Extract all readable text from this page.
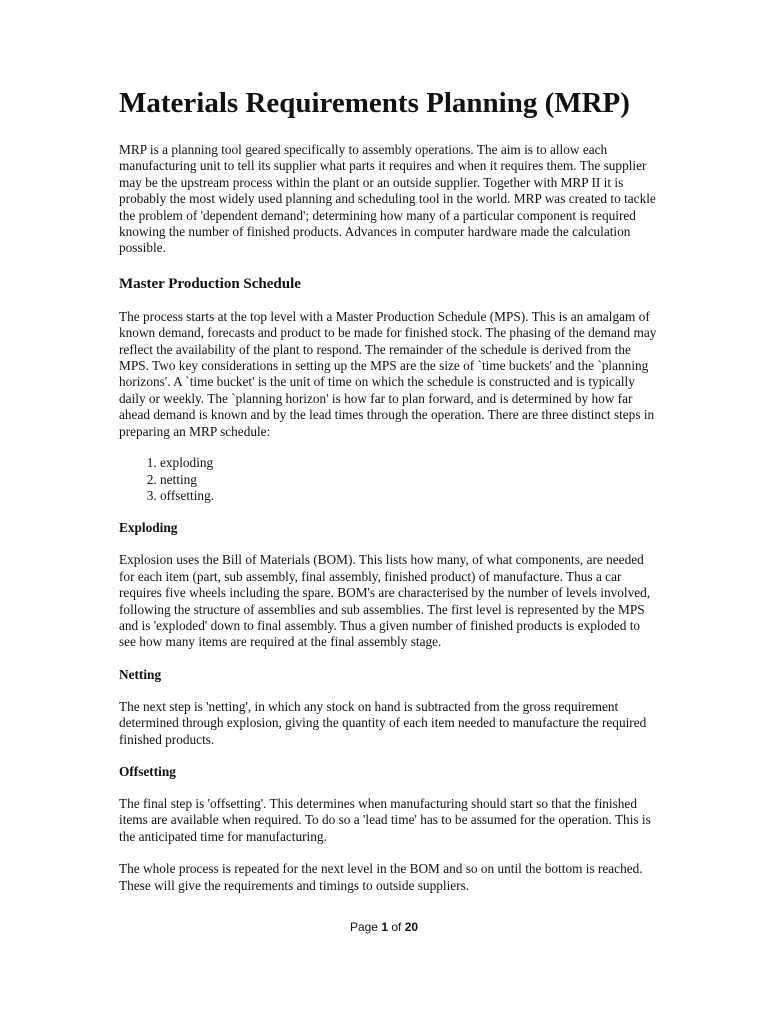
Materials Requirements Planning (MRP)

MRP is a planning tool geared specifically to assembly operations. The aim is to allow each manufacturing unit to tell its supplier what parts it requires and when it requires them. The supplier may be the upstream process within the plant or an outside supplier. Together with MRP II it is probably the most widely used planning and scheduling tool in the world. MRP was created to tackle the problem of 'dependent demand'; determining how many of a particular component is required knowing the number of finished products. Advances in computer hardware made the calculation possible.

Master Production Schedule

The process starts at the top level with a Master Production Schedule (MPS). This is an amalgam of known demand, forecasts and product to be made for finished stock. The phasing of the demand may reflect the availability of the plant to respond. The remainder of the schedule is derived from the MPS. Two key considerations in setting up the MPS are the size of `time buckets' and the `planning horizons'. A `time bucket' is the unit of time on which the schedule is constructed and is typically daily or weekly. The `planning horizon' is how far to plan forward, and is determined by how far ahead demand is known and by the lead times through the operation. There are three distinct steps in preparing an MRP schedule:

1. exploding
2. netting
3. offsetting.
Exploding

Explosion uses the Bill of Materials (BOM). This lists how many, of what components, are needed for each item (part, sub assembly, final assembly, finished product) of manufacture. Thus a car requires five wheels including the spare. BOM's are characterised by the number of levels involved, following the structure of assemblies and sub assemblies. The first level is represented by the MPS and is 'exploded' down to final assembly. Thus a given number of finished products is exploded to see how many items are required at the final assembly stage.

Netting

The next step is 'netting', in which any stock on hand is subtracted from the gross requirement determined through explosion, giving the quantity of each item needed to manufacture the required finished products.

Offsetting

The final step is 'offsetting'. This determines when manufacturing should start so that the finished items are available when required. To do so a 'lead time' has to be assumed for the operation. This is the anticipated time for manufacturing.

The whole process is repeated for the next level in the BOM and so on until the bottom is reached. These will give the requirements and timings to outside suppliers.

Page 1 of 20
